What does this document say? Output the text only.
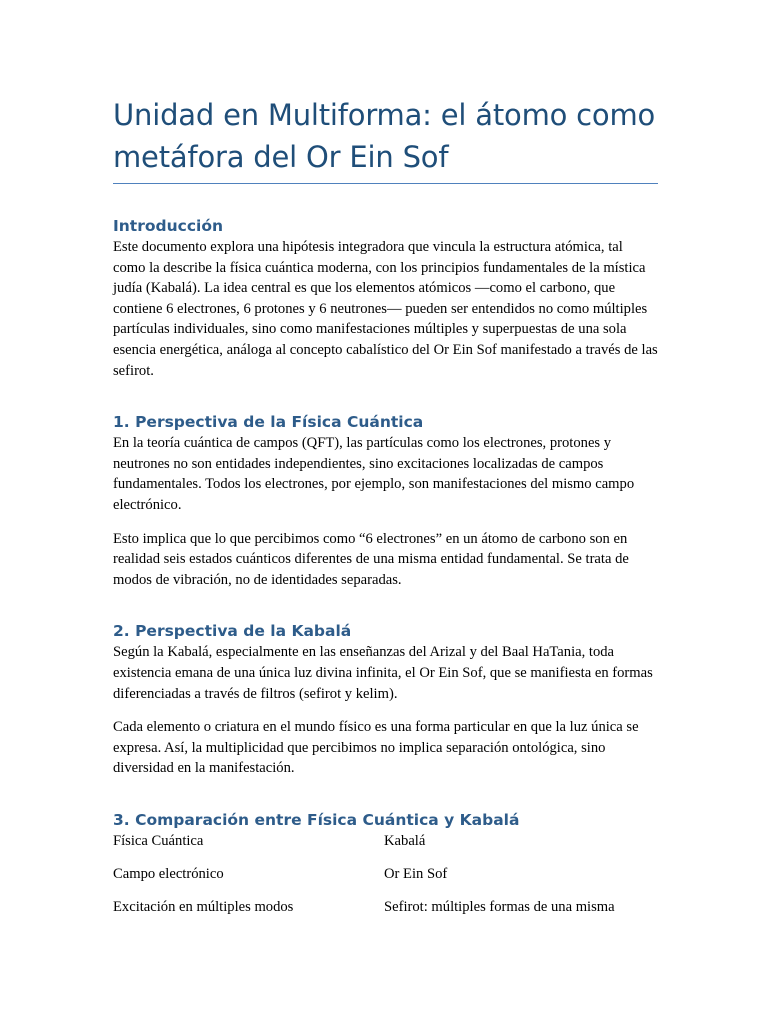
Unidad en Multiforma: el átomo como metáfora del Or Ein Sof
Introducción

Este documento explora una hipótesis integradora que vincula la estructura atómica, tal como la describe la física cuántica moderna, con los principios fundamentales de la mística judía (Kabalá). La idea central es que los elementos atómicos —como el carbono, que contiene 6 electrones, 6 protones y 6 neutrones— pueden ser entendidos no como múltiples partículas individuales, sino como manifestaciones múltiples y superpuestas de una sola esencia energética, análoga al concepto cabalístico del Or Ein Sof manifestado a través de las sefirot.

1. Perspectiva de la Física Cuántica

En la teoría cuántica de campos (QFT), las partículas como los electrones, protones y neutrones no son entidades independientes, sino excitaciones localizadas de campos fundamentales. Todos los electrones, por ejemplo, son manifestaciones del mismo campo electrónico.

Esto implica que lo que percibimos como “6 electrones” en un átomo de carbono son en realidad seis estados cuánticos diferentes de una misma entidad fundamental. Se trata de modos de vibración, no de identidades separadas.

2. Perspectiva de la Kabalá

Según la Kabalá, especialmente en las enseñanzas del Arizal y del Baal HaTania, toda existencia emana de una única luz divina infinita, el Or Ein Sof, que se manifiesta en formas diferenciadas a través de filtros (sefirot y kelim).

Cada elemento o criatura en el mundo físico es una forma particular en que la luz única se expresa. Así, la multiplicidad que percibimos no implica separación ontológica, sino diversidad en la manifestación.

3. Comparación entre Física Cuántica y Kabalá
Física Cuántica	Kabalá
Campo electrónico	Or Ein Sof
Excitación en múltiples modos	Sefirot: múltiples formas de una misma
